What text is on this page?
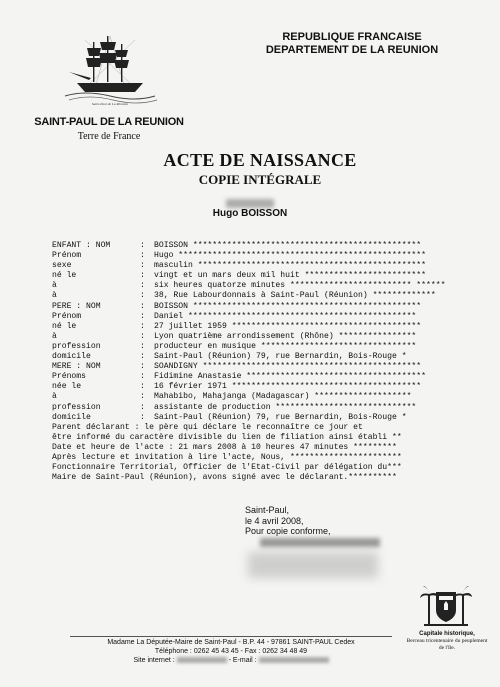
Saint-Paul de La Réunion
SAINT-PAUL DE LA REUNION
Terre de France
REPUBLIQUE FRANCAISE
DEPARTEMENT DE LA REUNION
ACTE DE NAISSANCE
COPIE INTÉGRALE
Hugo BOISSON
ENFANT : NOM	:	BOISSON ***********************************************
Prénom	:	Hugo ***************************************************
sexe	:	masculin ***********************************************
né le	:	vingt et un mars deux mil huit *************************
à	:	six heures quatorze minutes ************************* ******
à	:	38, Rue Labourdonnais à Saint-Paul (Réunion) *************
PERE : NOM	:	BOISSON ***********************************************
Prénom	:	Daniel ***********************************************
né le	:	27 juillet 1959 ***************************************
à	:	Lyon quatrième arrondissement (Rhône) ****************
profession	:	producteur en musique ********************************
domicile	:	Saint-Paul (Réunion) 79, rue Bernardin, Bois-Rouge *
MERE : NOM	:	SOANDIGNY *********************************************
Prénoms	:	Fidimine Anastasie *************************************
née le	:	16 février 1971 ***************************************
à	:	Mahabibo, Mahajanga (Madagascar) ********************
profession	:	assistante de production *****************************
domicile	:	Saint-Paul (Réunion) 79, rue Bernardin, Bois-Rouge *
Parent déclarant : le père qui déclare le reconnaître ce jour et
être informé du caractère divisible du lien de filiation ainsi établi **
Date et heure de l'acte : 21 mars 2008 à 10 heures 47 minutes *********
Après lecture et invitation à lire l'acte, Nous, ***********************
Fonctionnaire Territorial, Officier de l'Etat-Civil par délégation du***
Maire de Saint-Paul (Réunion), avons signé avec le déclarant.**********
Saint-Paul,
le 4 avril 2008,
Pour copie conforme,
Capitale historique,
Berceau tricentenaire du peuplement de l'Ile.
Madame La Députée-Maire de Saint-Paul - B.P. 44 - 97861 SAINT-PAUL Cedex
Téléphone : 0262 45 43 45 - Fax : 0262 34 48 49
Site internet :	- E-mail :
